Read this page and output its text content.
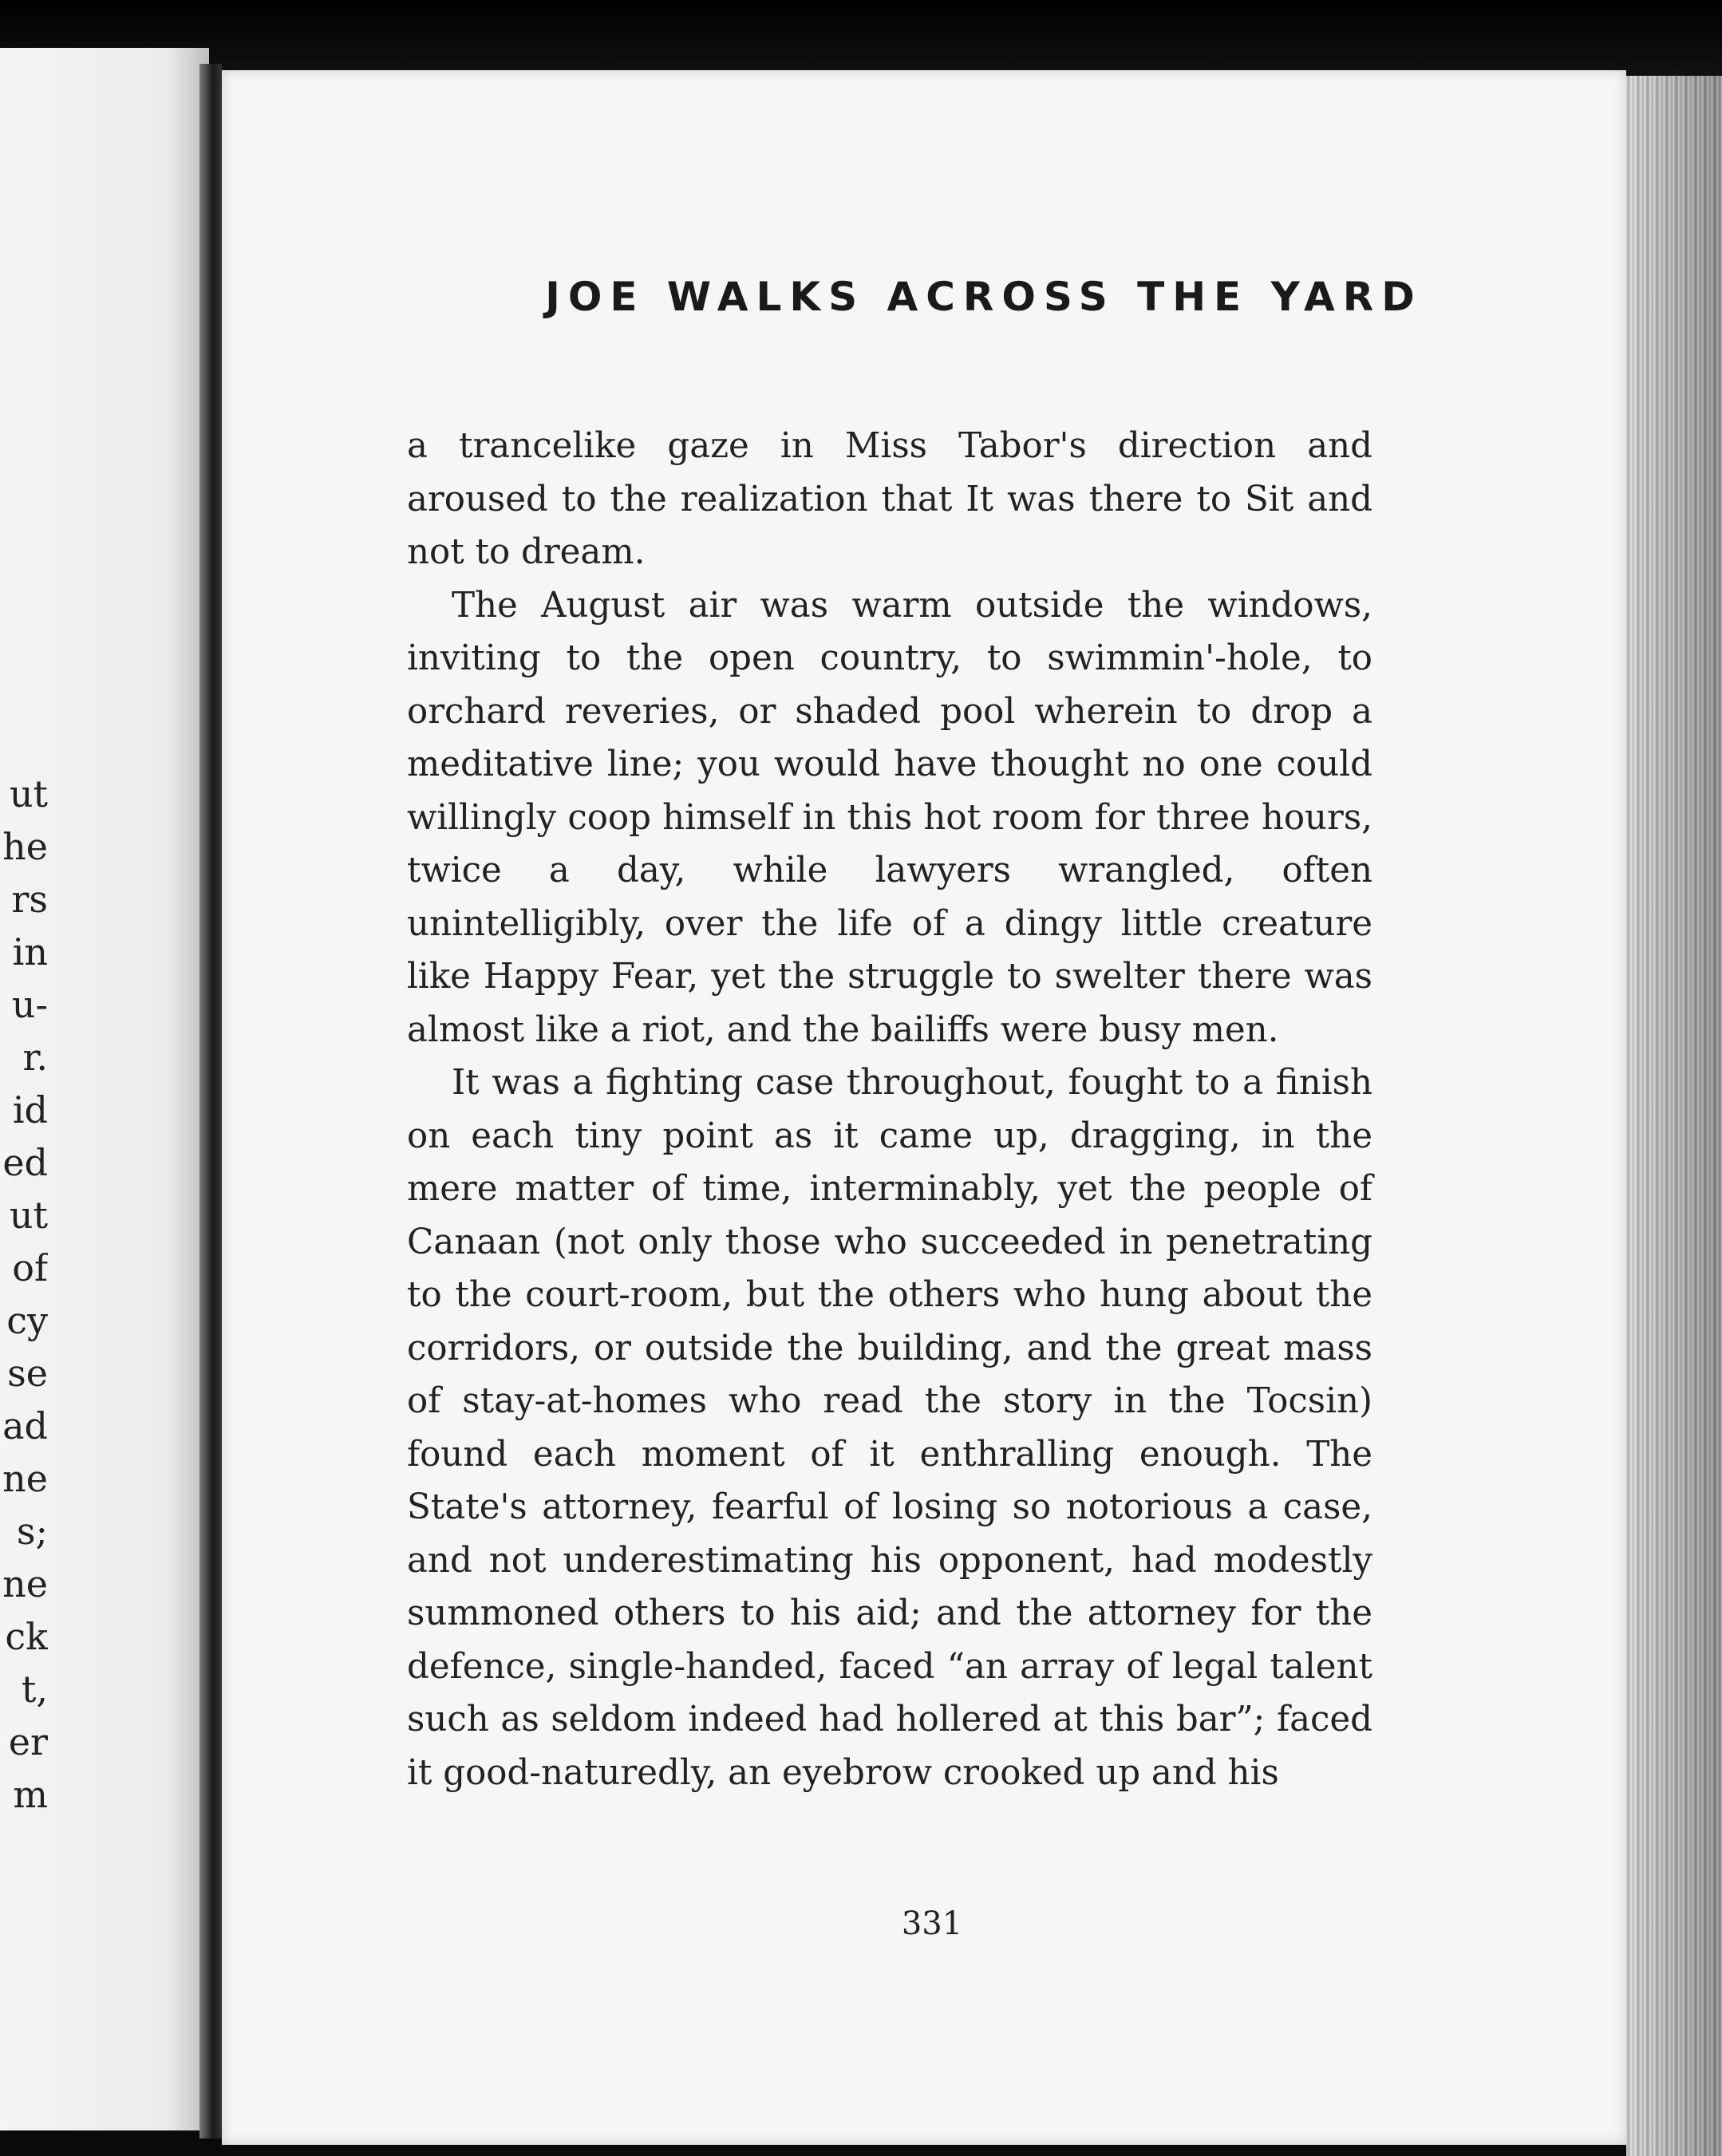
ut
he
rs
in
u-
r.
id
ed
ut
of
cy
se
ad
ne
s;
ne
ck
t,
er
m
JOE WALKS ACROSS THE YARD

a trancelike gaze in Miss Tabor's direction and aroused to the realization that It was there to Sit and not to dream.

The August air was warm outside the windows, inviting to the open country, to swimmin'-hole, to orchard reveries, or shaded pool wherein to drop a meditative line; you would have thought no one could willingly coop himself in this hot room for three hours, twice a day, while lawyers wrangled, often unintelligibly, over the life of a dingy little creature like Happy Fear, yet the struggle to swelter there was almost like a riot, and the bailiffs were busy men.

It was a fighting case throughout, fought to a finish on each tiny point as it came up, dragging, in the mere matter of time, interminably, yet the people of Canaan (not only those who succeeded in penetrating to the court-room, but the others who hung about the corridors, or outside the building, and the great mass of stay-at-homes who read the story in the Tocsin) found each moment of it enthralling enough. The State's attorney, fearful of losing so notorious a case, and not underestimating his opponent, had modestly summoned others to his aid; and the attorney for the defence, single-handed, faced “an array of legal talent such as seldom indeed had hollered at this bar”; faced it good-naturedly, an eyebrow crooked up and his

331
